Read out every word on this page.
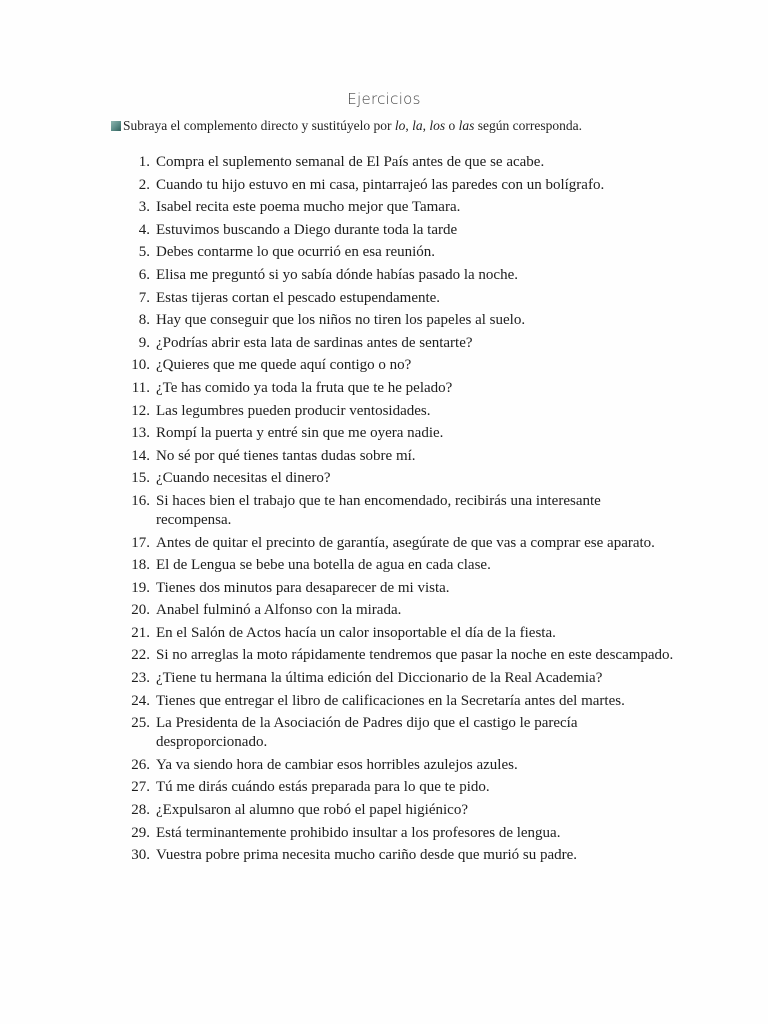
Ejercicios
Subraya el complemento directo y sustitúyelo por lo, la, los o las según corresponda.
1. Compra el suplemento semanal de El País antes de que se acabe.
2. Cuando tu hijo estuvo en mi casa, pintarrajeó las paredes con un bolígrafo.
3. Isabel recita este poema mucho mejor que Tamara.
4. Estuvimos buscando a Diego durante toda la tarde
5. Debes contarme lo que ocurrió en esa reunión.
6. Elisa me preguntó si yo sabía dónde habías pasado la noche.
7. Estas tijeras cortan el pescado estupendamente.
8. Hay que conseguir que los niños no tiren los papeles al suelo.
9. ¿Podrías abrir esta lata de sardinas antes de sentarte?
10. ¿Quieres que me quede aquí contigo o no?
11. ¿Te has comido ya toda la fruta que te he pelado?
12. Las legumbres pueden producir ventosidades.
13. Rompí la puerta y entré sin que me oyera nadie.
14. No sé por qué tienes tantas dudas sobre mí.
15. ¿Cuando necesitas el dinero?
16. Si haces bien el trabajo que te han encomendado, recibirás una interesante recompensa.
17. Antes de quitar el precinto de garantía, asegúrate de que vas a comprar ese aparato.
18. El de Lengua se bebe una botella de agua en cada clase.
19. Tienes dos minutos para desaparecer de mi vista.
20. Anabel fulminó a Alfonso con la mirada.
21. En el Salón de Actos hacía un calor insoportable el día de la fiesta.
22. Si no arreglas la moto rápidamente tendremos que pasar la noche en este descampado.
23. ¿Tiene tu hermana la última edición del Diccionario de la Real Academia?
24. Tienes que entregar el libro de calificaciones en la Secretaría antes del martes.
25. La Presidenta de la Asociación de Padres dijo que el castigo le parecía desproporcionado.
26. Ya va siendo hora de cambiar esos horribles azulejos azules.
27. Tú me dirás cuándo estás preparada para lo que te pido.
28. ¿Expulsaron al alumno que robó el papel higiénico?
29. Está terminantemente prohibido insultar a los profesores de lengua.
30. Vuestra pobre prima necesita mucho cariño desde que murió su padre.
